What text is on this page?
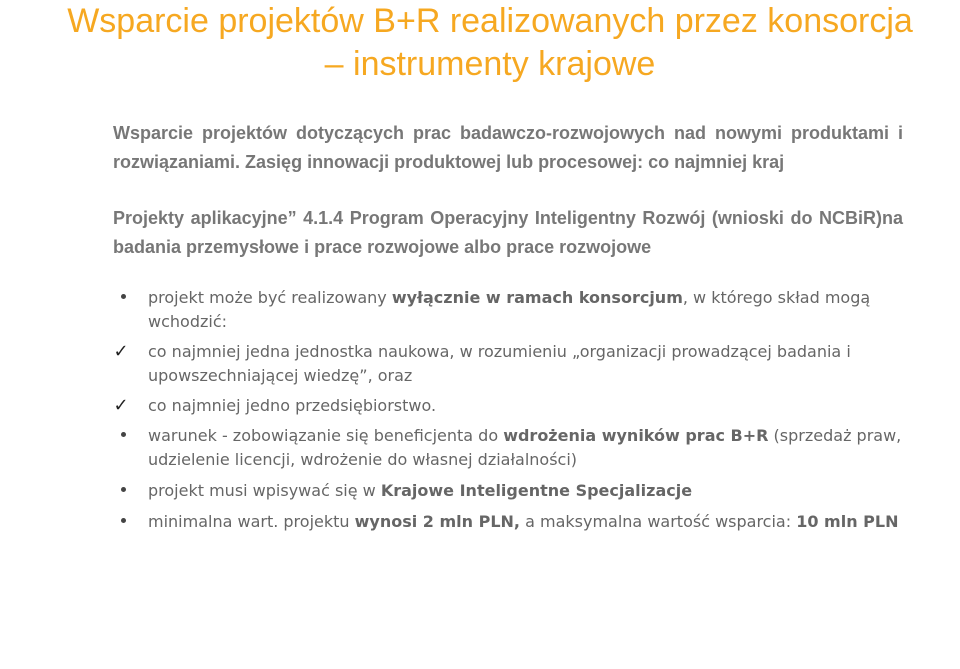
Wsparcie projektów B+R realizowanych przez konsorcja
– instrumenty krajowe
Wsparcie projektów dotyczących prac badawczo-rozwojowych nad nowymi produktami i rozwiązaniami. Zasięg innowacji produktowej lub procesowej: co najmniej kraj
Projekty aplikacyjne” 4.1.4 Program Operacyjny Inteligentny Rozwój (wnioski do NCBiR)na badania przemysłowe i prace rozwojowe albo prace rozwojowe
projekt może być realizowany wyłącznie w ramach konsorcjum, w którego skład mogą wchodzić:
✓ co najmniej jedna jednostka naukowa, w rozumieniu „organizacji prowadzącej badania i upowszechniającej wiedzę”, oraz
✓ co najmniej jedno przedsiębiorstwo.
warunek - zobowiązanie się beneficjenta do wdrożenia wyników prac B+R (sprzedaż praw, udzielenie licencji, wdrożenie do własnej działalności)
projekt musi wpisywać się w Krajowe Inteligentne Specjalizacje
minimalna wart. projektu wynosi 2 mln PLN, a maksymalna wartość wsparcia: 10 mln PLN
